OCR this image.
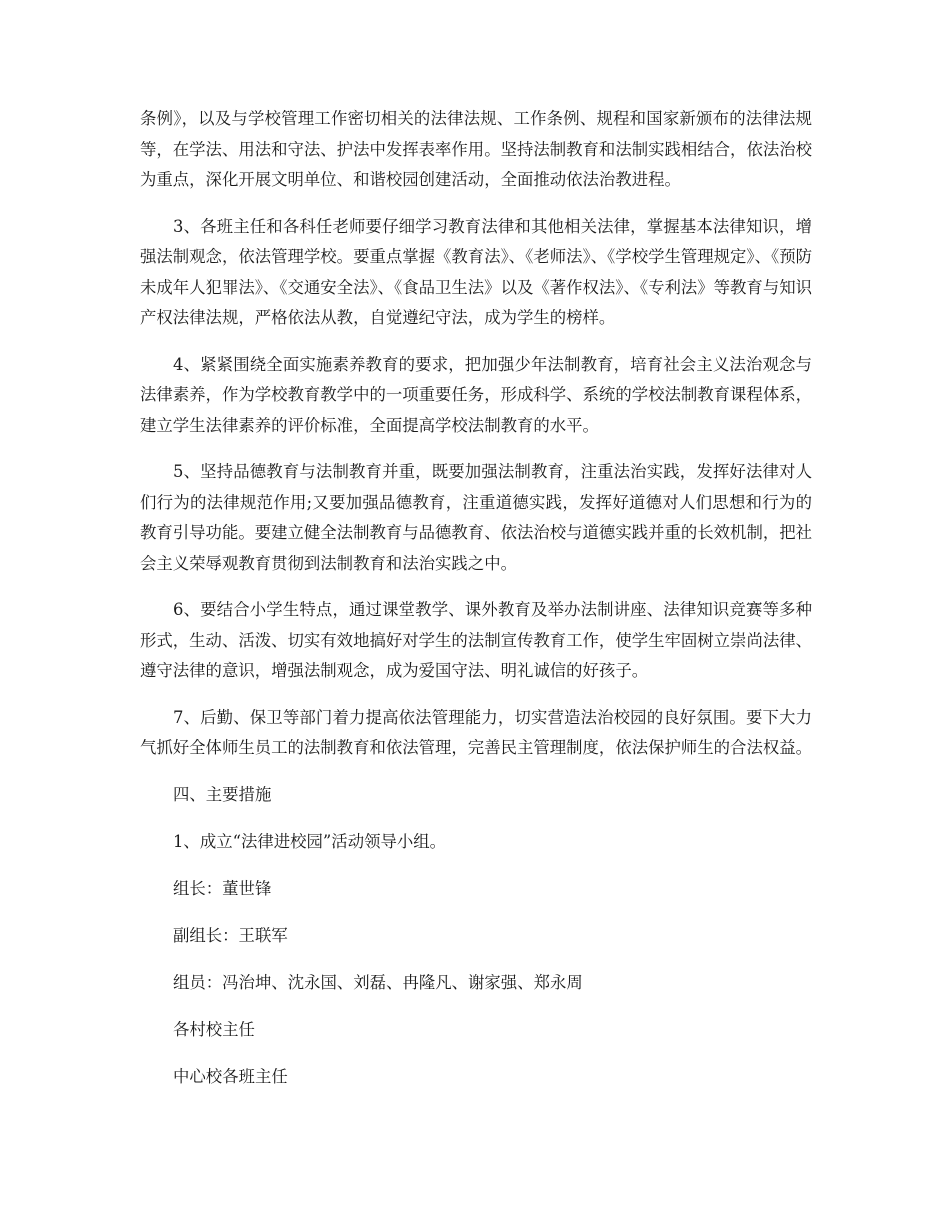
条例》，以及与学校管理工作密切相关的法律法规、工作条例、规程和国家新颁布的法律法规等，在学法、用法和守法、护法中发挥表率作用。坚持法制教育和法制实践相结合，依法治校为重点，深化开展文明单位、和谐校园创建活动，全面推动依法治教进程。

3、各班主任和各科任老师要仔细学习教育法律和其他相关法律，掌握基本法律知识，增强法制观念，依法管理学校。要重点掌握《教育法》、《老师法》、《学校学生管理规定》、《预防未成年人犯罪法》、《交通安全法》、《食品卫生法》以及《著作权法》、《专利法》等教育与知识产权法律法规，严格依法从教，自觉遵纪守法，成为学生的榜样。

4、紧紧围绕全面实施素养教育的要求，把加强少年法制教育，培育社会主义法治观念与法律素养，作为学校教育教学中的一项重要任务，形成科学、系统的学校法制教育课程体系，建立学生法律素养的评价标准，全面提高学校法制教育的水平。

5、坚持品德教育与法制教育并重，既要加强法制教育，注重法治实践，发挥好法律对人们行为的法律规范作用;又要加强品德教育，注重道德实践，发挥好道德对人们思想和行为的教育引导功能。要建立健全法制教育与品德教育、依法治校与道德实践并重的长效机制，把社会主义荣辱观教育贯彻到法制教育和法治实践之中。

6、要结合小学生特点，通过课堂教学、课外教育及举办法制讲座、法律知识竞赛等多种形式，生动、活泼、切实有效地搞好对学生的法制宣传教育工作，使学生牢固树立崇尚法律、遵守法律的意识，增强法制观念，成为爱国守法、明礼诚信的好孩子。

7、后勤、保卫等部门着力提高依法管理能力，切实营造法治校园的良好氛围。要下大力气抓好全体师生员工的法制教育和依法管理，完善民主管理制度，依法保护师生的合法权益。

四、主要措施
1、成立“法律进校园”活动领导小组。
组长：董世锋
副组长：王联军
组员：冯治坤、沈永国、刘磊、冉隆凡、谢家强、郑永周
各村校主任
中心校各班主任
